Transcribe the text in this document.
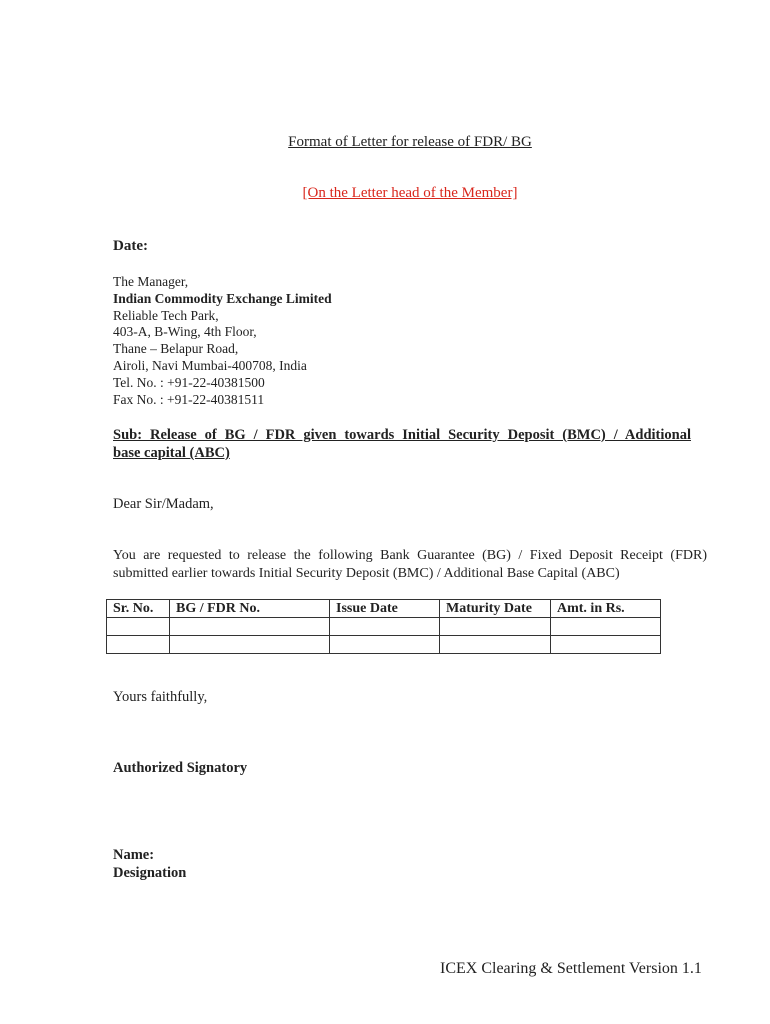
Format of Letter for release of FDR/ BG
[On the Letter head of the Member]
Date:
The Manager,
Indian Commodity Exchange Limited
Reliable Tech Park,
403-A, B-Wing, 4th Floor,
Thane – Belapur Road,
Airoli, Navi Mumbai-400708, India
Tel. No. : +91-22-40381500
Fax No. : +91-22-40381511
Sub: Release of BG / FDR given towards Initial Security Deposit (BMC) / Additional
base capital (ABC)
Dear Sir/Madam,
You are requested to release the following Bank Guarantee (BG) / Fixed Deposit Receipt (FDR)
submitted earlier towards Initial Security Deposit (BMC) / Additional Base Capital (ABC)
Sr. No.	BG / FDR No.	Issue Date	Maturity Date	Amt. in Rs.

Yours faithfully,
Authorized Signatory
Name:
Designation
ICEX Clearing & Settlement Version 1.1
